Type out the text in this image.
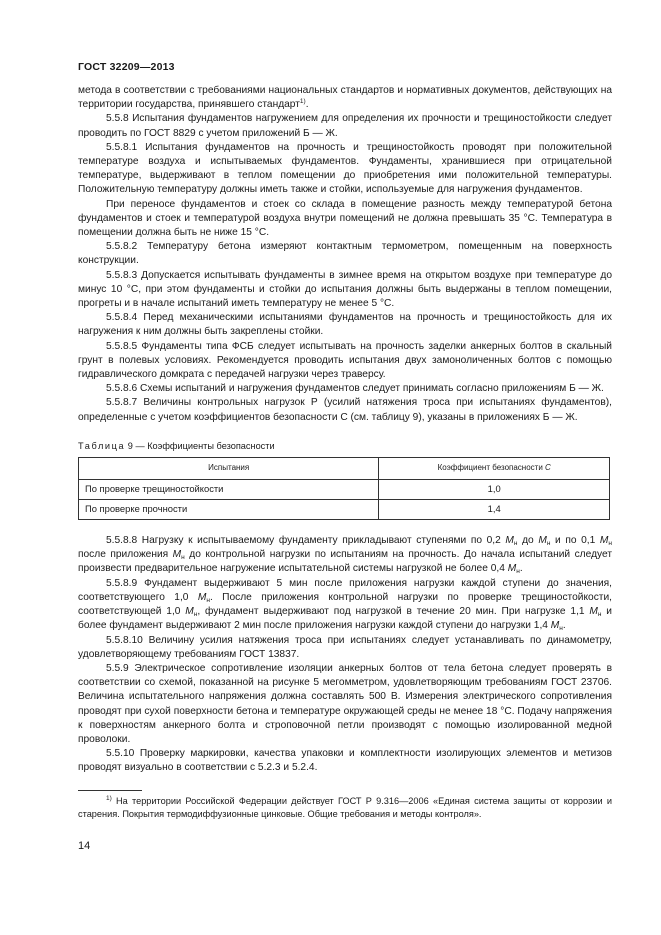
ГОСТ 32209—2013

метода в соответствии с требованиями национальных стандартов и нормативных документов, действующих на территории государства, принявшего стандарт$^{1)}$.

5.5.8 Испытания фундаментов нагружением для определения их прочности и трещиностойкости следует проводить по ГОСТ 8829 с учетом приложений Б — Ж.

5.5.8.1 Испытания фундаментов на прочность и трещиностойкость проводят при положительной температуре воздуха и испытываемых фундаментов. Фундаменты, хранившиеся при отрицательной температуре, выдерживают в теплом помещении до приобретения ими положительной температуры. Положительную температуру должны иметь также и стойки, используемые для нагружения фундаментов.

При переносе фундаментов и стоек со склада в помещение разность между температурой бетона фундаментов и стоек и температурой воздуха внутри помещений не должна превышать 35 °С. Температура в помещении должна быть не ниже 15 °С.

5.5.8.2 Температуру бетона измеряют контактным термометром, помещенным на поверхность конструкции.

5.5.8.3 Допускается испытывать фундаменты в зимнее время на открытом воздухе при температуре до минус 10 °С, при этом фундаменты и стойки до испытания должны быть выдержаны в теплом помещении, прогреты и в начале испытаний иметь температуру не менее 5 °С.

5.5.8.4 Перед механическими испытаниями фундаментов на прочность и трещиностойкость для их нагружения к ним должны быть закреплены стойки.

5.5.8.5 Фундаменты типа ФСБ следует испытывать на прочность заделки анкерных болтов в скальный грунт в полевых условиях. Рекомендуется проводить испытания двух замоноличенных болтов с помощью гидравлического домкрата с передачей нагрузки через траверсу.

5.5.8.6 Схемы испытаний и нагружения фундаментов следует принимать согласно приложениям Б — Ж.

5.5.8.7 Величины контрольных нагрузок Р (усилий натяжения троса при испытаниях фундаментов), определенные с учетом коэффициентов безопасности С (см. таблицу 9), указаны в приложениях Б — Ж.

Таблица 9 — Коэффициенты безопасности

Испытания	Коэффициент безопасности С
По проверке трещиностойкости	1,0
По проверке прочности	1,4

5.5.8.8 Нагрузку к испытываемому фундаменту прикладывают ступенями по 0,2 $M_н$ до $M_н$ и по 0,1 $M_н$ после приложения $M_н$ до контрольной нагрузки по испытаниям на прочность. До начала испытаний следует произвести предварительное нагружение испытательной системы нагрузкой не более 0,4 $M_н$.

5.5.8.9 Фундамент выдерживают 5 мин после приложения нагрузки каждой ступени до значения, соответствующего 1,0 $M_н$. После приложения контрольной нагрузки по проверке трещиностойкости, соответствующей 1,0 $M_н$, фундамент выдерживают под нагрузкой в течение 20 мин. При нагрузке 1,1 $M_н$ и более фундамент выдерживают 2 мин после приложения нагрузки каждой ступени до нагрузки 1,4 $M_н$.

5.5.8.10 Величину усилия натяжения троса при испытаниях следует устанавливать по динамометру, удовлетворяющему требованиям ГОСТ 13837.

5.5.9 Электрическое сопротивление изоляции анкерных болтов от тела бетона следует проверять в соответствии со схемой, показанной на рисунке 5 мегомметром, удовлетворяющим требованиям ГОСТ 23706. Величина испытательного напряжения должна составлять 500 В. Измерения электрического сопротивления проводят при сухой поверхности бетона и температуре окружающей среды не менее 18 °С. Подачу напряжения к поверхностям анкерного болта и строповочной петли производят с помощью изолированной медной проволоки.

5.5.10 Проверку маркировки, качества упаковки и комплектности изолирующих элементов и метизов проводят визуально в соответствии с 5.2.3 и 5.2.4.

$^{1)}$ На территории Российской Федерации действует ГОСТ Р 9.316—2006 «Единая система защиты от коррозии и старения. Покрытия термодиффузионные цинковые. Общие требования и методы контроля».

14
